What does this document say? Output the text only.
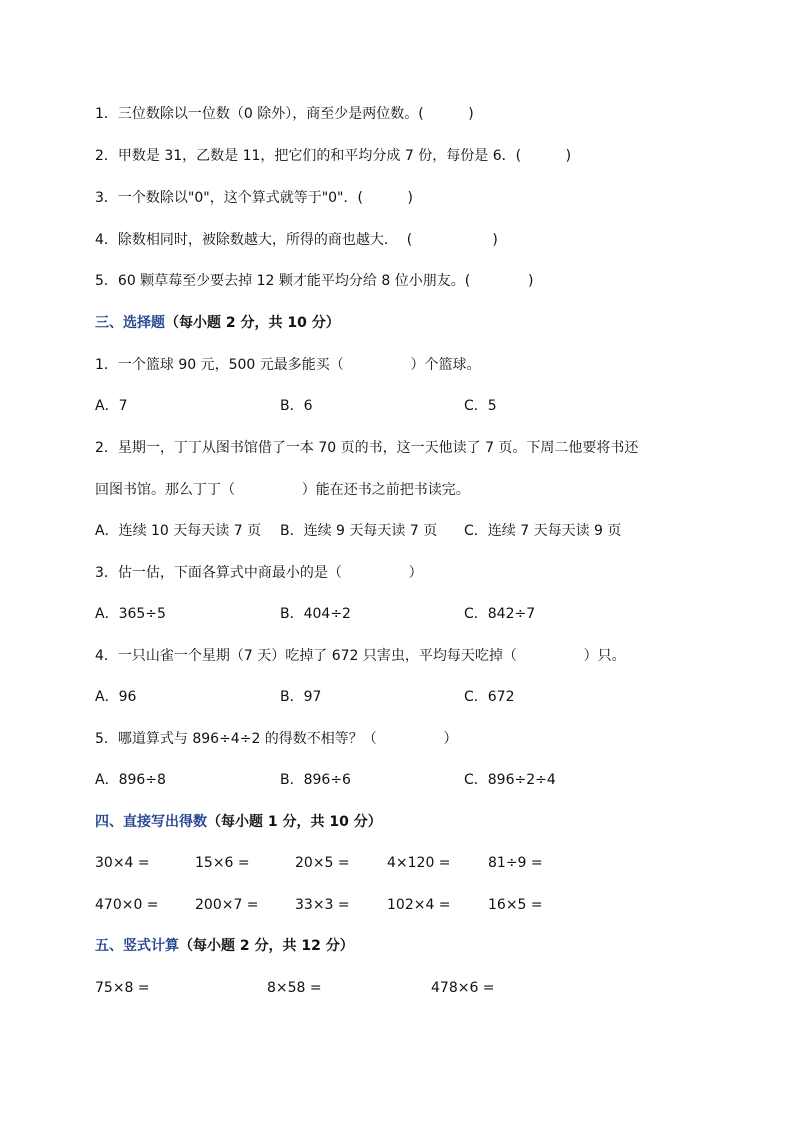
1．三位数除以一位数（0 除外），商至少是两位数。(          )
2．甲数是 31，乙数是 11，把它们的和平均分成 7 份，每份是 6．(          )
3．一个数除以"0"，这个算式就等于"0"．(          )
4．除数相同时，被除数越大，所得的商也越大．  (                  )
5．60 颗草莓至少要去掉 12 颗才能平均分给 8 位小朋友。(             )
三、选择题（每小题 2 分，共 10 分）
1．一个篮球 90 元，500 元最多能买（               ）个篮球。
A．7	B．6	C．5
2．星期一，丁丁从图书馆借了一本 70 页的书，这一天他读了 7 页。下周二他要将书还
回图书馆。那么丁丁（               ）能在还书之前把书读完。
A．连续 10 天每天读 7 页 B．连续 9 天每天读 7 页 C．连续 7 天每天读 9 页
3．估一估，下面各算式中商最小的是（               ）
A．365÷5	B．404÷2	C．842÷7
4．一只山雀一个星期（7 天）吃掉了 672 只害虫，平均每天吃掉（               ）只。
A．96	B．97	C．672
5．哪道算式与 896÷4÷2 的得数不相等？（               ）
A．896÷8	B．896÷6	C．896÷2÷4
四、直接写出得数（每小题 1 分，共 10 分）
30×4 =	15×6 =	20×5 =	4×120 =	81÷9 =
470×0 =	200×7 =	33×3 =	102×4 =	16×5 =
五、竖式计算（每小题 2 分，共 12 分）
75×8 =	8×58 =	478×6 =
